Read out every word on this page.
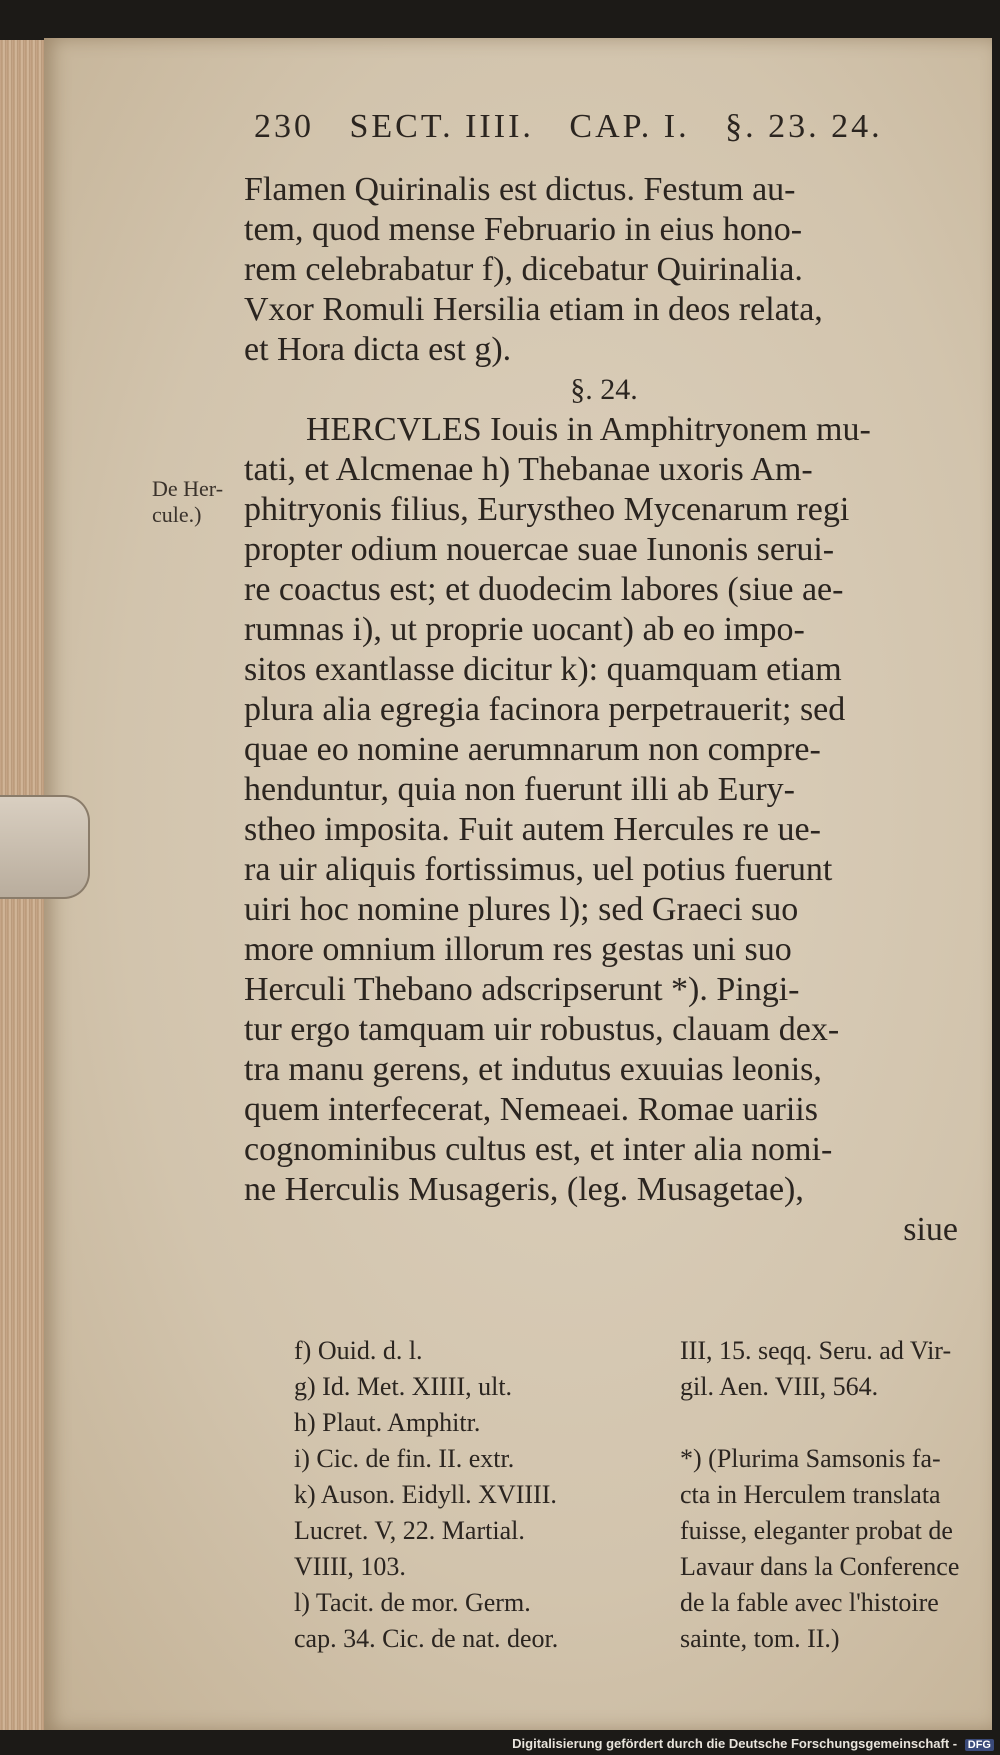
230 SECT. IIII. CAP. I. §. 23. 24.
De Her- cule.)
Flamen Quirinalis est dictus. Festum au-
tem, quod mense Februario in eius hono-
rem celebrabatur f), dicebatur Quirinalia.
Vxor Romuli Hersilia etiam in deos relata,
et Hora dicta est g).
§. 24.
HERCVLES Iouis in Amphitryonem mu-
tati, et Alcmenae h) Thebanae uxoris Am-
phitryonis filius, Eurystheo Mycenarum regi
propter odium nouercae suae Iunonis serui-
re coactus est; et duodecim labores (siue ae-
rumnas i), ut proprie uocant) ab eo impo-
sitos exantlasse dicitur k): quamquam etiam
plura alia egregia facinora perpetrauerit; sed
quae eo nomine aerumnarum non compre-
henduntur, quia non fuerunt illi ab Eury-
stheo imposita. Fuit autem Hercules re ue-
ra uir aliquis fortissimus, uel potius fuerunt
uiri hoc nomine plures l); sed Graeci suo
more omnium illorum res gestas uni suo
Herculi Thebano adscripserunt *). Pingi-
tur ergo tamquam uir robustus, clauam dex-
tra manu gerens, et indutus exuuias leonis,
quem interfecerat, Nemeaei. Romae uariis
cognominibus cultus est, et inter alia nomi-
ne Herculis Musageris, (leg. Musagetae),
siue
f) Ouid. d. l.
g) Id. Met. XIIII, ult.
h) Plaut. Amphitr.
i) Cic. de fin. II. extr.
k) Auson. Eidyll. XVIIII.
Lucret. V, 22. Martial.
VIIII, 103.
l) Tacit. de mor. Germ.
cap. 34. Cic. de nat. deor.
III, 15. seqq. Seru. ad Vir-
gil. Aen. VIII, 564.

*) (Plurima Samsonis fa-
cta in Herculem translata
fuisse, eleganter probat de
Lavaur dans la Conference
de la fable avec l'histoire
sainte, tom. II.)
Digitalisierung gefördert durch die Deutsche Forschungsgemeinschaft - DFG
